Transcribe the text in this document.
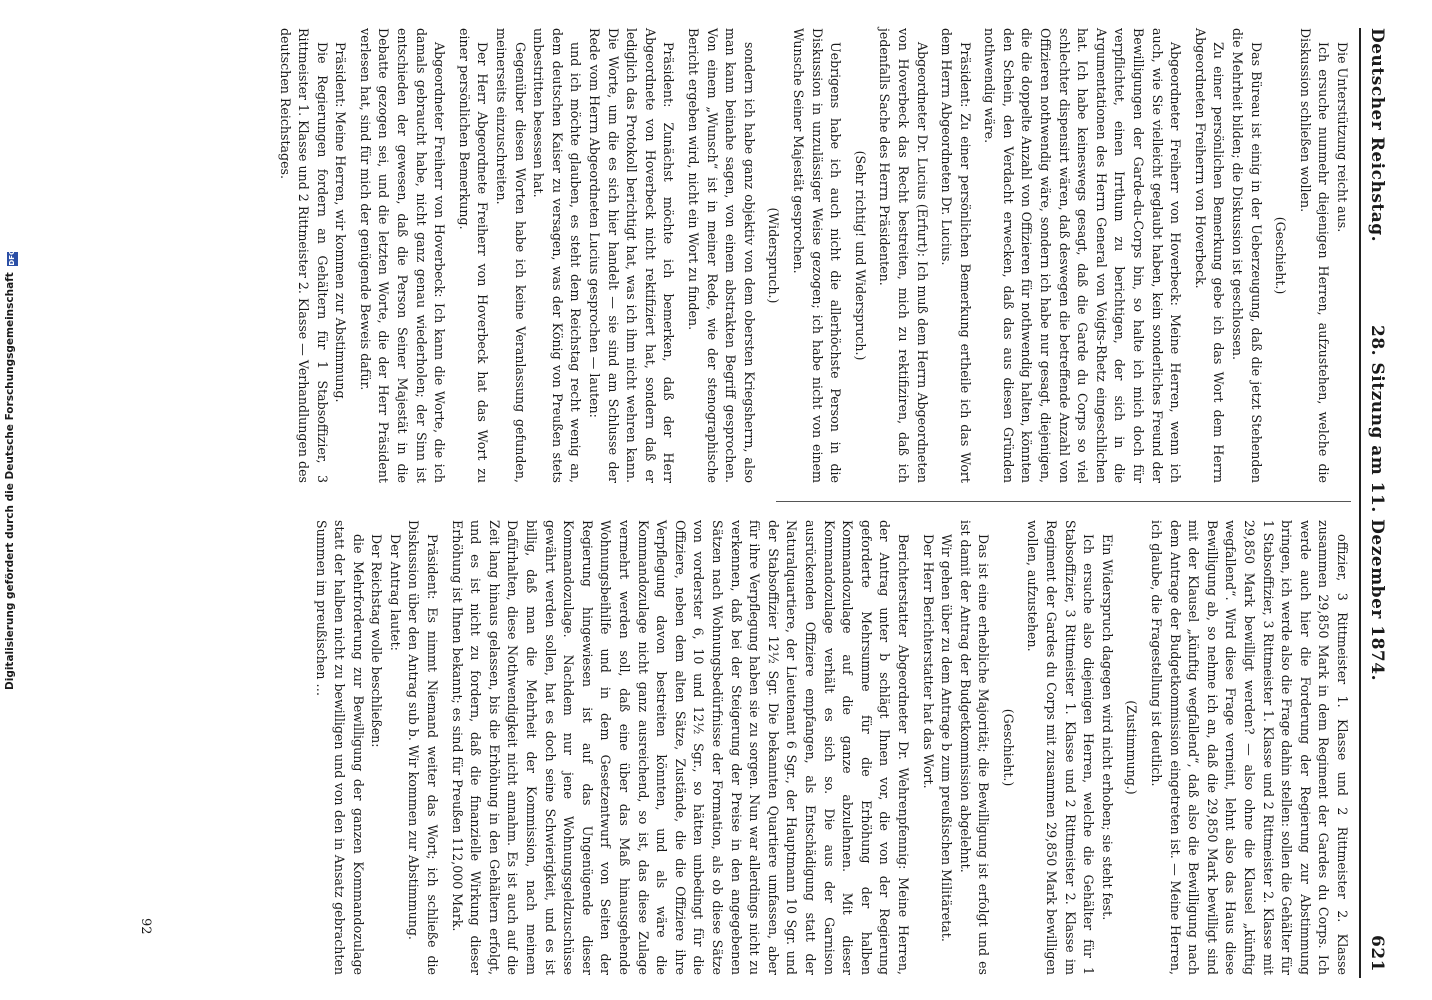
Deutscher Reichstag.
28. Sitzung am 11. Dezember 1874.
621

Die Unterstützung reicht aus.

Ich ersuche nunmehr diejenigen Herren, aufzustehen, welche die Diskussion schließen wollen.

(Geschieht.)

Das Büreau ist einig in der Ueberzeugung, daß die jetzt Stehenden die Mehrheit bilden; die Diskussion ist geschlossen.

Zu einer persönlichen Bemerkung gebe ich das Wort dem Herrn Abgeordneten Freiherrn von Hoverbeck.

Abgeordneter Freiherr von Hoverbeck: Meine Herren, wenn ich auch, wie Sie vielleicht geglaubt haben, kein sonderliches Freund der Bewilligungen der Garde-du-Corps bin, so halte ich mich doch für verpflichtet, einen Irrthum zu berichtigen, der sich in die Argumentationen des Herrn General von Voigts-Rhetz eingeschlichen hat. Ich habe keineswegs gesagt, daß die Garde du Corps so viel schlechter dispensirt wären, daß deswegen die betreffende Anzahl von Offizieren nothwendig wäre, sondern ich habe nur gesagt, diejenigen, die die doppelte Anzahl von Offizieren für nothwendig halten, könnten den Schein, den Verdacht erwecken, daß das aus diesen Gründen nothwendig wäre.

Präsident: Zu einer persönlichen Bemerkung ertheile ich das Wort dem Herrn Abgeordneten Dr. Lucius.

Abgeordneter Dr. Lucius (Erfurt): Ich muß dem Herrn Abgeordneten von Hoverbeck das Recht bestreiten, mich zu rektifiziren, daß ich jedenfalls Sache des Herrn Präsidenten.

(Sehr richtig! und Widerspruch.)

Uebrigens habe ich auch nicht die allerhöchste Person in die Diskussion in unzulässiger Weise gezogen; ich habe nicht von einem Wunsche Seiner Majestät gesprochen.

(Widerspruch.)

sondern ich habe ganz objektiv von dem obersten Kriegsherrn, also man kann beinahe sagen, von einem abstrakten Begriff gesprochen. Von einem „Wunsch“ ist in meiner Rede, wie der stenographische Bericht ergeben wird, nicht ein Wort zu finden.

Präsident: Zunächst möchte ich bemerken, daß der Herr Abgeordnete von Hoverbeck nicht rektifiziert hat, sondern daß er lediglich das Protokoll berichtigt hat, was ich ihm nicht wehren kann. Die Worte, um die es sich hier handelt — sie sind am Schlusse der Rede vom Herrn Abgeordneten Lucius gesprochen — lauten:

und ich möchte glauben, es steht dem Reichstag recht wenig an, dem deutschen Kaiser zu versagen, was der König von Preußen stets unbestritten besessen hat.

Gegenüber diesen Worten habe ich keine Veranlassung gefunden, meinerseits einzuschreiten.

Der Herr Abgeordnete Freiherr von Hoverbeck hat das Wort zu einer persönlichen Bemerkung.

Abgeordneter Freiherr von Hoverbeck: Ich kann die Worte, die ich damals gebraucht habe, nicht ganz genau wiederholen; der Sinn ist entschieden der gewesen, daß die Person Seiner Majestät in die Debatte gezogen sei, und die letzten Worte, die der Herr Präsident verlesen hat, sind für mich der genügende Beweis dafür.

Präsident: Meine Herren, wir kommen zur Abstimmung.

Die Regierungen fordern an Gehältern für 1 Stabsoffizier, 3 Rittmeister 1. Klasse und 2 Rittmeister 2. Klasse — Verhandlungen des deutschen Reichstages.

offizier, 3 Rittmeister 1. Klasse und 2 Rittmeister 2. Klasse zusammen 29,850 Mark in dem Regiment der Gardes du Corps. Ich werde auch hier die Forderung der Regierung zur Abstimmung bringen, ich werde also die Frage dahin stellen: sollen die Gehälter für 1 Stabsoffizier, 3 Rittmeister 1. Klasse und 2 Rittmeister 2. Klasse mit 29,850 Mark bewilligt werden? — also ohne die Klausel „künftig wegfallend“. Wird diese Frage verneint, lehnt also das Haus diese Bewilligung ab, so nehme ich an, daß die 29,850 Mark bewilligt sind mit der Klausel „künftig wegfallend“, daß also die Bewilligung nach dem Antrage der Budgetkommission eingetreten ist. — Meine Herren, ich glaube, die Fragestellung ist deutlich.

(Zustimmung.)

Ein Widerspruch dagegen wird nicht erhoben; sie steht fest.

Ich ersuche also diejenigen Herren, welche die Gehälter für 1 Stabsoffizier, 3 Rittmeister 1. Klasse und 2 Rittmeister 2. Klasse im Regiment der Gardes du Corps mit zusammen 29,850 Mark bewilligen wollen, aufzustehen.

(Geschieht.)

Das ist eine erhebliche Majorität; die Bewilligung ist erfolgt und es ist damit der Antrag der Budgetkommission abgelehnt.

Wir gehen über zu dem Antrage b zum preußischen Militäretat.

Der Herr Berichterstatter hat das Wort.

Berichterstatter Abgeordneter Dr. Wehrenpfennig: Meine Herren, der Antrag unter b schlägt Ihnen vor, die von der Regierung geforderte Mehrsumme für die Erhöhung der halben Kommandozulage auf die ganze abzulehnen. Mit dieser Kommandozulage verhält es sich so. Die aus der Garnison ausrückenden Offiziere empfangen, als Entschädigung statt der Naturalquartiere, der Lieutenant 6 Sgr., der Hauptmann 10 Sgr. und der Stabsoffizier 12½ Sgr. Die bekannten Quartiere umfassen, aber für ihre Verpflegung haben sie zu sorgen. Nun war allerdings nicht zu verkennen, daß bei der Steigerung der Preise in den angegebenen Sätzen nach Wohnungsbedürfnisse der Formation, als ob diese Sätze von vorderster 6, 10 und 12½ Sgr., so hätten unbedingt für die Offiziere, neben dem alten Sätze, Zustände, die die Offiziere ihre Verpflegung davon bestreiten könnten, und als wäre die Kommandozulage nicht ganz ausreichend, so ist, das diese Zulage vermehrt werden soll, daß eine über das Maß hinausgehende Wohnungsbeihilfe und in dem Gesetzentwurf von Seiten der Regierung hingewiesen ist auf das Ungenügende dieser Kommandozulage. Nachdem nur jene Wohnungsgeldzuschüsse gewährt werden sollen, hat es doch seine Schwierigkeit, und es ist billig, daß man die Mehrheit der Kommission, nach meinem Dafürhalten, diese Nothwendigkeit nicht annahm. Es ist auch auf die Zeit lang hinaus gelassen, bis die Erhöhung in den Gehältern erfolgt, und es ist nicht zu fordern, daß die finanzielle Wirkung dieser Erhöhung ist Ihnen bekannt; es sind für Preußen 112,000 Mark.

Präsident: Es nimmt Niemand weiter das Wort; ich schließe die Diskussion über den Antrag sub b. Wir kommen zur Abstimmung.

Der Antrag lautet:

Der Reichstag wolle beschließen:

die Mehrforderung zur Bewilligung der ganzen Kommandozulage statt der halben nicht zu bewilligen und von den in Ansatz gebrachten Summen im preußischen …

92
Digitalisierung gefördert durch die Deutsche Forschungsgemeinschaft DFG
